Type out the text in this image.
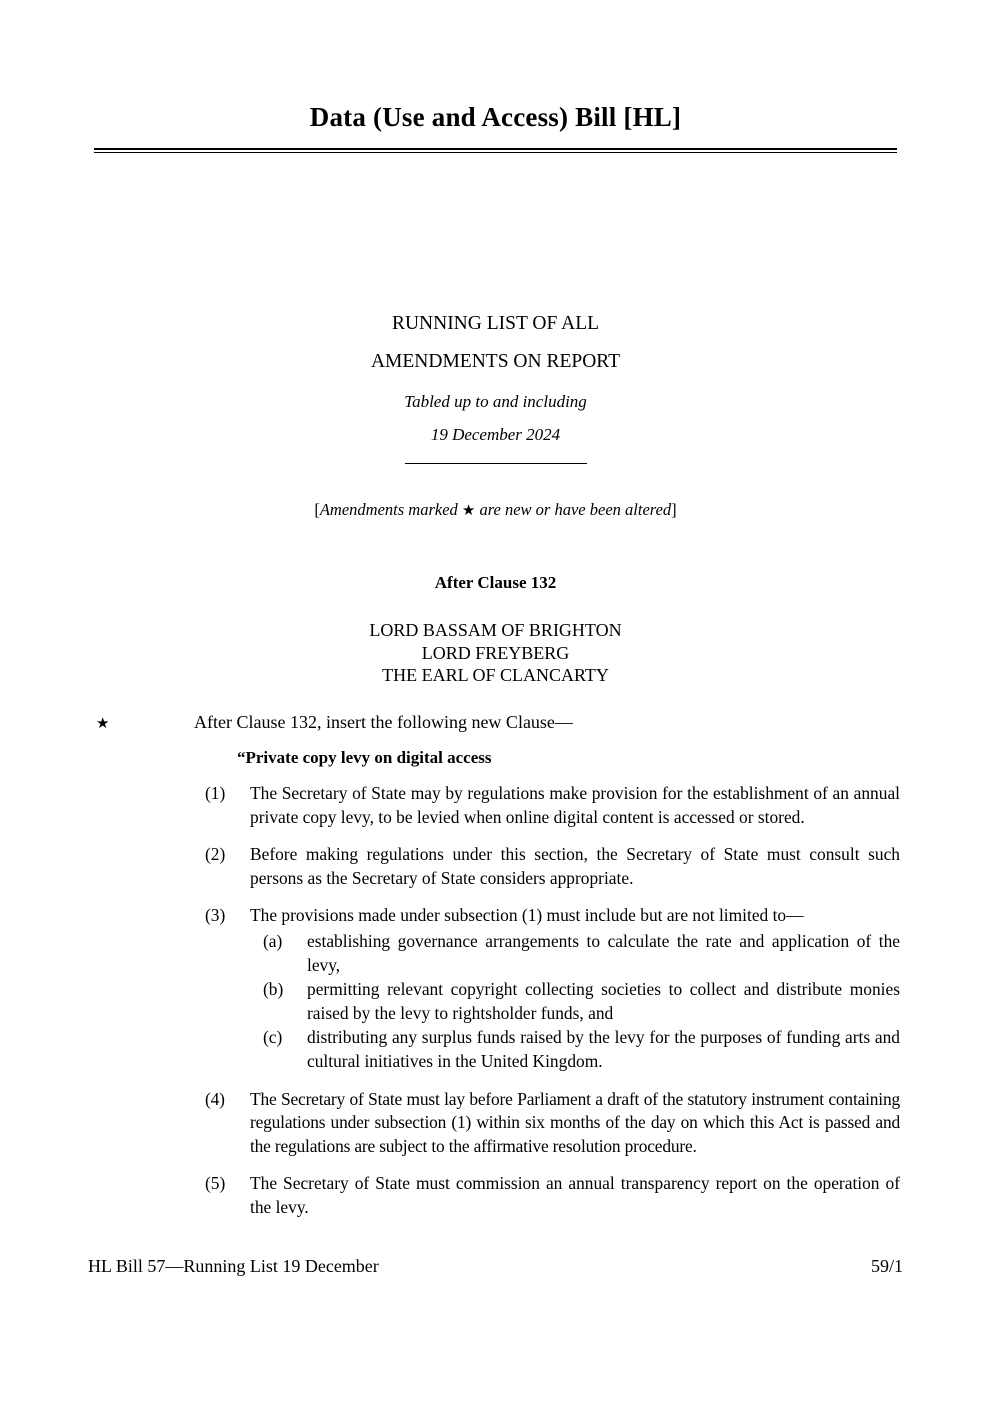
Data (Use and Access) Bill [HL]
RUNNING LIST OF ALL
AMENDMENTS ON REPORT
Tabled up to and including
19 December 2024
[Amendments marked ★ are new or have been altered]
After Clause 132
LORD BASSAM OF BRIGHTON
LORD FREYBERG
THE EARL OF CLANCARTY
★	After Clause 132, insert the following new Clause—
“Private copy levy on digital access
(1)	The Secretary of State may by regulations make provision for the establishment of an annual private copy levy, to be levied when online digital content is accessed or stored.
(2)	Before making regulations under this section, the Secretary of State must consult such persons as the Secretary of State considers appropriate.
(3)	The provisions made under subsection (1) must include but are not limited to—
(a)	establishing governance arrangements to calculate the rate and application of the levy,
(b)	permitting relevant copyright collecting societies to collect and distribute monies raised by the levy to rightsholder funds, and
(c)	distributing any surplus funds raised by the levy for the purposes of funding arts and cultural initiatives in the United Kingdom.
(4)	The Secretary of State must lay before Parliament a draft of the statutory instrument containing regulations under subsection (1) within six months of the day on which this Act is passed and the regulations are subject to the affirmative resolution procedure.
(5)	The Secretary of State must commission an annual transparency report on the operation of the levy.
HL Bill 57—Running List 19 December	59/1
